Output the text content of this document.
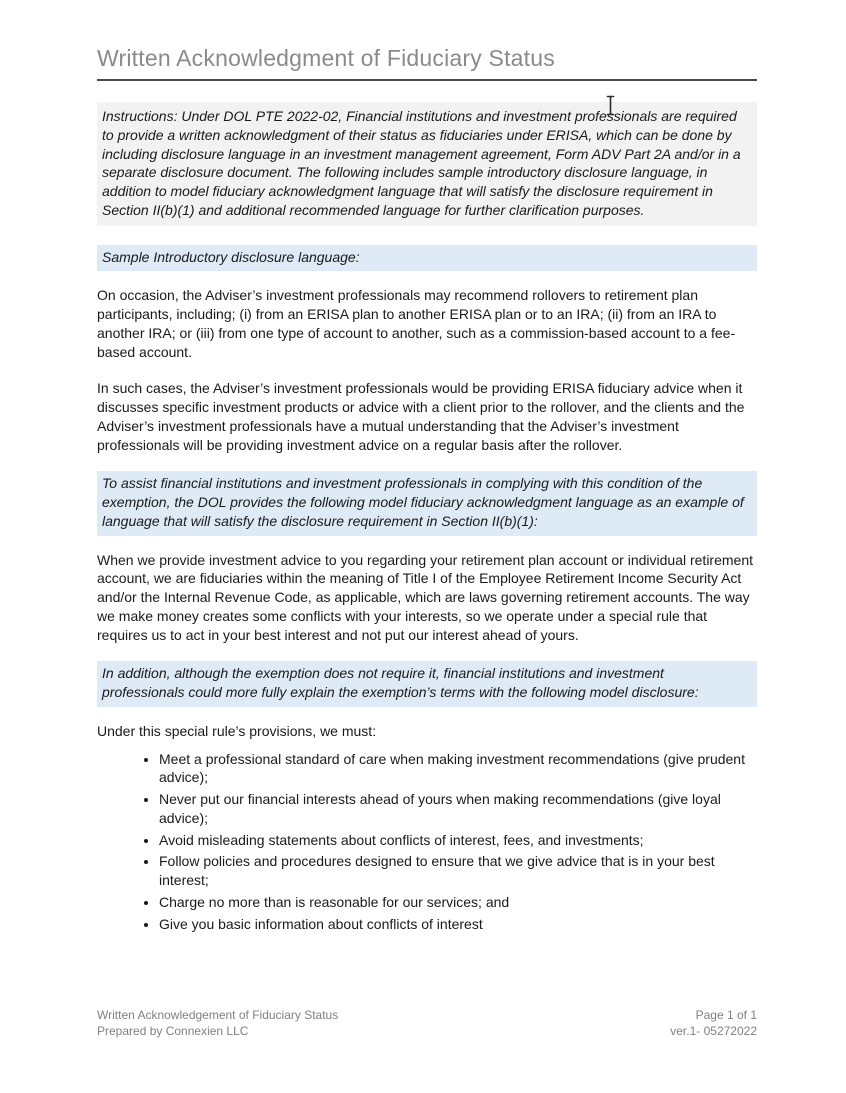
Written Acknowledgment of Fiduciary Status
Instructions: Under DOL PTE 2022-02, Financial institutions and investment professionals are required to provide a written acknowledgment of their status as fiduciaries under ERISA, which can be done by including disclosure language in an investment management agreement, Form ADV Part 2A and/or in a separate disclosure document. The following includes sample introductory disclosure language, in addition to model fiduciary acknowledgment language that will satisfy the disclosure requirement in Section II(b)(1) and additional recommended language for further clarification purposes.
Sample Introductory disclosure language:

On occasion, the Adviser’s investment professionals may recommend rollovers to retirement plan participants, including; (i) from an ERISA plan to another ERISA plan or to an IRA; (ii) from an IRA to another IRA; or (iii) from one type of account to another, such as a commission-based account to a fee-based account.

In such cases, the Adviser’s investment professionals would be providing ERISA fiduciary advice when it discusses specific investment products or advice with a client prior to the rollover, and the clients and the Adviser’s investment professionals have a mutual understanding that the Adviser’s investment professionals will be providing investment advice on a regular basis after the rollover.

To assist financial institutions and investment professionals in complying with this condition of the exemption, the DOL provides the following model fiduciary acknowledgment language as an example of language that will satisfy the disclosure requirement in Section II(b)(1):

When we provide investment advice to you regarding your retirement plan account or individual retirement account, we are fiduciaries within the meaning of Title I of the Employee Retirement Income Security Act and/or the Internal Revenue Code, as applicable, which are laws governing retirement accounts. The way we make money creates some conflicts with your interests, so we operate under a special rule that requires us to act in your best interest and not put our interest ahead of yours.

In addition, although the exemption does not require it, financial institutions and investment professionals could more fully explain the exemption’s terms with the following model disclosure:

Under this special rule’s provisions, we must:

• Meet a professional standard of care when making investment recommendations (give prudent advice);
• Never put our financial interests ahead of yours when making recommendations (give loyal advice);
• Avoid misleading statements about conflicts of interest, fees, and investments;
• Follow policies and procedures designed to ensure that we give advice that is in your best interest;
• Charge no more than is reasonable for our services; and
• Give you basic information about conflicts of interest
Written Acknowledgement of Fiduciary Status
Prepared by Connexien LLC
Page 1 of 1
ver.1- 05272022
